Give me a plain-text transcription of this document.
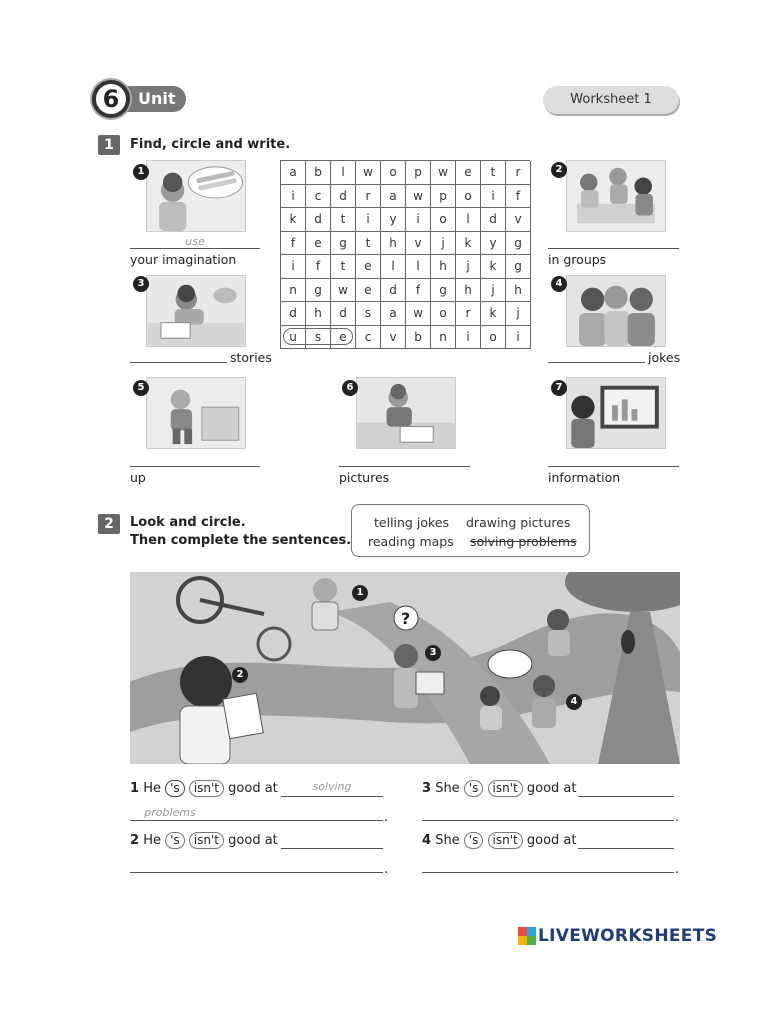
6	Unit	Worksheet 1
1	Find, circle and write.
1
use
your imagination
3
stories
a	b	l	w	o	p	w	e	t	r
i	c	d	r	a	w	p	o	i	f
k	d	t	i	y	i	o	l	d	v
f	e	g	t	h	v	j	k	y	g
i	f	t	e	l	l	h	j	k	g
n	g	w	e	d	f	g	h	j	h
d	h	d	s	a	w	o	r	k	j
u	s	e	c	v	b	n	i	o	i
2
in groups
4
jokes
5
up
6
pictures
7
information
2	Look and circle.
Then complete the sentences.
telling jokes drawing pictures
reading maps solving problems
?
1
2
3
4
1 He 's isn't good at	solving
problems	.
2 He 's isn't good at
.
3 She 's isn't good at
.
4 She 's isn't good at
.
LIVEWORKSHEETS
